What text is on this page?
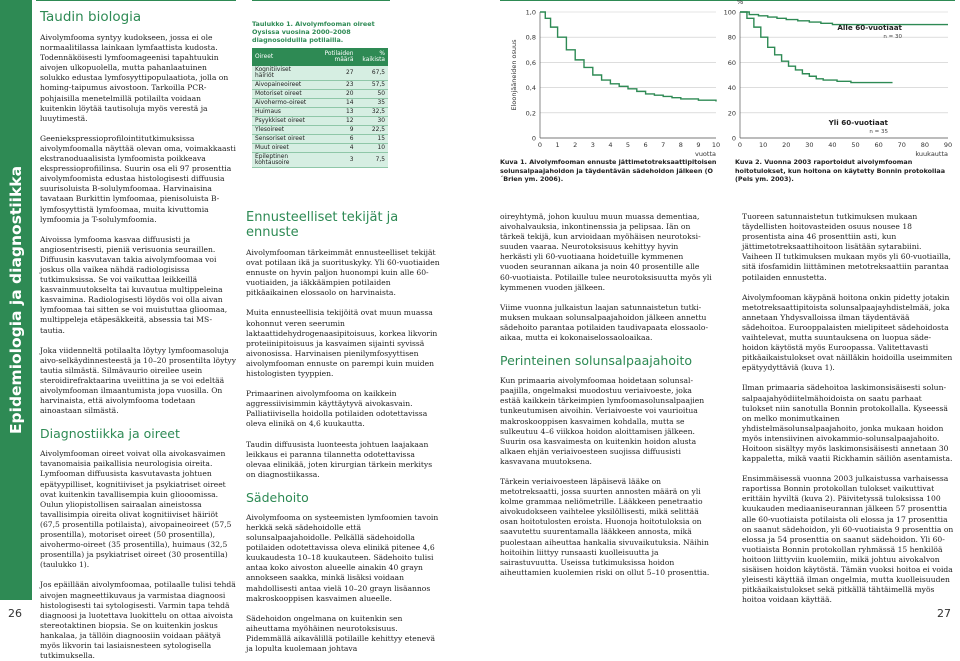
Epidemiologia ja diagnostiikka
Taudin biologia

Aivolymfooma syntyy kudokseen, jossa ei ole normaalitilassa lainkaan lymfaattista kudosta. Todennäköisesti lymfoomageenisi tapahtuukin aivojen ulkopuolella, mutta pahanlaatuinen solukko edustaa lymfosyyttipopulaatiota, jolla on homing-taipumus aivostoon. Tarkoilla PCR-pohjaisilla menetelmillä potilailta voidaan kuitenkin löytää tautisoluja myös verestä ja luuytimestä.

Geeniekspressioprofilointitutkimuksissa aivolymfoomalla näyttää olevan oma, voimakkaasti ekstranoduaalisista lymfoomista poikkeava ekspressioprofiilinsa. Suurin osa eli 97 prosenttia aivolymfoomista edustaa histologisesti diffuusia suurisoluista B-solulymfoomaa. Harvinaisina tavataan Burkittin lymfoomaa, pienisoluista B-lymfosyyttistä lymfoomaa, muita kivuttomia lymfoomia ja T-solulymfoomia.

Aivoissa lymfooma kasvaa diffuusisti ja angiosentrisesti, pieniä verisuonia seuraillen. Diffuusin kasvutavan takia aivolymfoomaa voi joskus olla vaikea nähdä radiologisissa tutkimuksissa. Se voi vaikuttaa leikkeillä kasvainmuutokselta tai kuvautua multippeleina kasvaimina. Radiologisesti löydös voi olla aivan lymfoomaa tai sitten se voi muistuttaa glioomaa, multippeleja etäpesäkkeitä, absessia tai MS-tautia.

Joka viidenneltä potilaalta löytyy lymfoomasoluja aivo-selkäydinnesteestä ja 10–20 prosentilta löytyy tautia silmästä. Silmävaurio oireilee usein steroidirefraktaarina uveiittina ja se voi edeltää aivolymfooman ilmaantumista jopa vuosilla. On harvinaista, että aivolymfooma todetaan ainoastaan silmästä.

Diagnostiikka ja oireet

Aivolymfooman oireet voivat olla aivokasvaimen tavanomaisia paikallisia neurologisia oireita. Lymfooman diffuusista kasvutavasta johtuen epätyypilliset, kognitiiviset ja psykiatriset oireet ovat kuitenkin tavallisempia kuin gliooomissa. Oulun yliopistollisen sairaalan aineistossa tavallisimpia oireita olivat kognitiiviset häiriöt (67,5 prosentilla potilaista), aivopaineoireet (57,5 prosentilla), motoriset oireet (50 prosentilla), aivohermo-oireet (35 prosentilla), huimaus (32,5 prosentilla) ja psykiatriset oireet (30 prosentilla) (taulukko 1).

Jos epäillään aivolymfoomaa, potilaalle tulisi tehdä aivojen magneettikuvaus ja varmistaa diagnoosi histologisesti tai sytologisesti. Varmin tapa tehdä diagnoosi ja luotettava luokittelu on ottaa aivoista stereotaktinen biopsia. Se on kuitenkin joskus hankalaa, ja tällöin diagnoosiin voidaan päätyä myös likvorin tai lasiaisnesteen sytologisella tutkimuksella.

Taulukko 1. Aivolymfooman oireet Oysissa vuosina 2000–2008 diagnosoiduilla potilailla.
Oireet	Potilaiden määrä	% kaikista
Kognitiiviset häiriöt	27	67,5
Aivopaineoireet	23	57,5
Motoriset oireet	20	50
Aivohermo-oireet	14	35
Huimaus	13	32,5
Psyykkiset oireet	12	30
Ylesoireet	9	22,5
Sensoriset oireet	6	15
Muut oireet	4	10
Epileptinen kohtausoire	3	7,5
Ennusteelliset tekijät ja ennuste

Aivolymfooman tärkeimmät ennusteelliset tekijät ovat potilaan ikä ja suorituskyky. Yli 60-vuotiaiden ennuste on hyvin paljon huonompi kuin alle 60-vuotiaiden, ja iäkkäämpien potilaiden pitkäaikainen elossaolo on harvinaista.

Muita ennusteellisia tekijöitä ovat muun muassa kohonnut veren seerumin laktaattidehydrogenaasipitoisuus, korkea likvorin proteiinipitoisuus ja kasvaimen sijainti syvissä aivonosissa. Harvinaisen pienilymfosyyttisen aivolymfooman ennuste on parempi kuin muiden histologisten tyyppien.

Primaarinen aivolymfooma on kaikkein aggressiivisimmin käyttäytyvä aivokasvain. Palliatiivisella hoidolla potilaiden odotettavissa oleva elinikä on 4,6 kuukautta.

Taudin diffuusista luonteesta johtuen laajakaan leikkaus ei paranna tilannetta odotettavissa olevaa elinikää, joten kirurgian tärkein merkitys on diagnostiikassa.

Sädehoito

Aivolymfooma on systeemisten lymfoomien tavoin herkkä sekä sädehoidolle että solunsalpaajahoidolle. Pelkällä sädehoidolla potilaiden odotettavissa oleva elinikä pitenee 4,6 kuukaudesta 10–18 kuukauteen. Sädehoito tulisi antaa koko aivoston alueelle ainakin 40 grayn annokseen saakka, minkä lisäksi voidaan mahdollisesti antaa vielä 10–20 grayn lisäannos makroskooppisen kasvaimen alueelle.

Sädehoidon ongelmana on kuitenkin sen aiheuttama myöhäinen neurotoksisuus. Pidemmällä aikavälillä potilaille kehittyy etenevä ja lopulta kuolemaan johtava

0
0,2
0,4
0,6
0,8
1,0
0 1 2 3 4 5 6 7 8 9 10
vuotta
Eloonjääneiden osuus
Kuva 1. Aivolymfooman ennuste jättimetotreksaattipitoisen solunsalpaajahoidon ja täydentävän sädehoidon jälkeen (O´Brien ym. 2006).
0
20
40
60
80
100
0	10 20 30 40 50 60 70 80 90
kuukautta
%
Alle 60-vuotiaat
n = 30
Yli 60-vuotiaat
n = 35
Kuva 2. Vuonna 2003 raportoidut aivolymfooman hoitotulokset, kun hoitona on käytetty Bonnin protokollaa (Pels ym. 2003).

oireyhtymä, johon kuuluu muun muassa dementiaa, aivohalvauksia, inkontinenssia ja pelipsaa. Iän on tärkeä tekijä, kun arvioidaan myöhäisen neurotoksisuuden vaaraa. Neurotoksisuus kehittyy hyvin herkästi yli 60-vuotiaana hoidetuille kymmenen vuoden seurannan aikana ja noin 40 prosentille alle 60-vuotiaista. Potilaille tulee neurotoksisuutta myös yli kymmenen vuoden jälkeen.

Viime vuonna julkaistun laajan satunnaistetun tutkimuksen mukaan solunsalpaajahoidon jälkeen annettu sädehoito parantaa potilaiden taudivapaata elossaoloaikaa, mutta ei kokonaiselossaoloaikaa.

Perinteinen solunsalpaajahoito

Kun primaaria aivolymfoomaa hoidetaan solunsalpaajilla, ongelmaksi muodostuu veriaivoeste, joka estää kaikkein tärkeimpien lymfoomasolunsalpaajien tunkeutumisen aivoihin. Veriaivoeste voi vaurioitua makroskooppisen kasvaimen kohdalla, mutta se sulkeutuu 4–6 viikkoa hoidon aloittamisen jälkeen. Suurin osa kasvaimesta on kuitenkin hoidon alusta alkaen ehjän veriaivoesteen suojissa diffuusisti kasvavana muutoksena.

Tärkein veriaivoesteen läpäisevä lääke on metotreksaatti, jossa suurten annosten määrä on yli kolme grammaa neliömetrille. Lääkkeen penetraatio aivokudokseen vaihtelee yksilöllisesti, mikä selittää osan hoitotulosten eroista. Huonoja hoitotuloksia on saavutettu suurentamalla lääkkeen annosta, mikä puolestaan aiheuttaa hankalia sivuvaikutuksia. Näihin hoitoihin liittyy runsaasti kuolleisuutta ja sairastuvuutta. Useissa tutkimuksissa hoidon aiheuttamien kuolemien riski on ollut 5–10 prosenttia.

Tuoreen satunnaistetun tutkimuksen mukaan täydellisten hoitovasteiden osuus nousee 18 prosentista aina 46 prosenttiin asti, kun jättimetotreksaattihoitoon lisätään sytarabiini. Vaiheen II tutkimuksen mukaan myös yli 60-vuotiailla, sitä ifosfamidin liittäminen metotreksaattiin parantaa potilaiden ennustetta.

Aivolymfooman käypänä hoitona onkin pidetty jotakin metotreksaattipitoista solunsalpaajayhdistelmää, joka annetaan Yhdysvalloissa ilman täydentävää sädehoitoa. Eurooppalaisten mielipiteet sädehoidosta vaihtelevat, mutta suuntauksena on luopua sädehoidon käytöstä myös Euroopassa. Valitettavasti pitkäaikaistulokset ovat näilläkin hoidoilla useimmiten epätyydyttäviä (kuva 1).

Ilman primaaria sädehoitoa laskimonsisäisesti solunsalpaajahyödiitelmähoidoista on saatu parhaat tulokset niin sanotulla Bonnin protokollalla. Kyseessä on melko monimutkainen yhdistelmäsolunsalpaajahoito, jonka mukaan hoidon myös intensiivinen aivokammio-solunsalpaajahoito. Hoitoon sisältyy myös laskimonsisäisesti annetaan 30 kappaletta, mikä vaatii Rickhamin säiliön asentamista.

Ensimmäisessä vuonna 2003 julkaistussa varhaisessa raportissa Bonnin protokollan tulokset vaikuttivat erittäin hyviltä (kuva 2). Päivitetyssä tuloksissa 100 kuukauden mediaaniseurannan jälkeen 57 prosenttia alle 60-vuotiaista potilaista oli elossa ja 17 prosenttia on saanut sädehoidon, yli 60-vuotiaista 9 prosenttia on elossa ja 54 prosenttia on saanut sädehoidon. Yli 60-vuotiaista Bonnin protokollan ryhmässä 15 henkilöä hoitoon liittyviin kuolemiin, mikä johtuu aivokalvon sisäisen hoidon käytöstä. Tämän vuoksi hoitoa ei voida yleisesti käyttää ilman ongelmia, mutta kuolleisuuden pitkäaikaistulokset sekä pitkällä tähtäimellä myös hoitoa voidaan käyttää.

26	27
